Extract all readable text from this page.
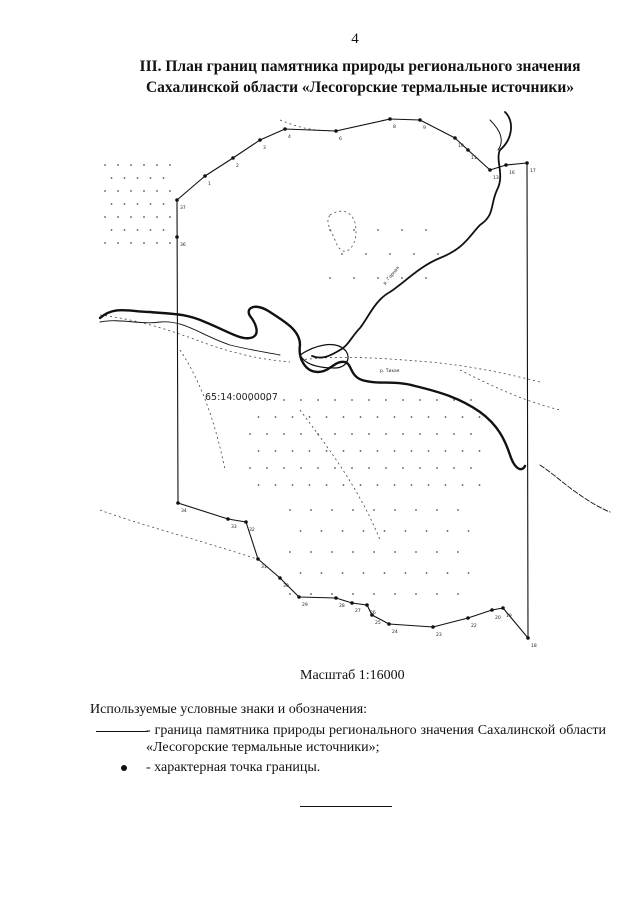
4
III. План границ памятника природы регионального значения
Сахалинской области «Лесогорские термальные источники»
37
1
2
3
4	6
8	9
10
11
13
16	17
18
19
20
22
23
24
25
26
27
28
29
30
31
32
33
34
36
65:14:0000007
р. Тихая
р. Горная
Масштаб 1:16000
Используемые условные знаки и обозначения:
- граница памятника природы регионального значения Сахалинской области «Лесогорские термальные источники»;
- характерная точка границы.
